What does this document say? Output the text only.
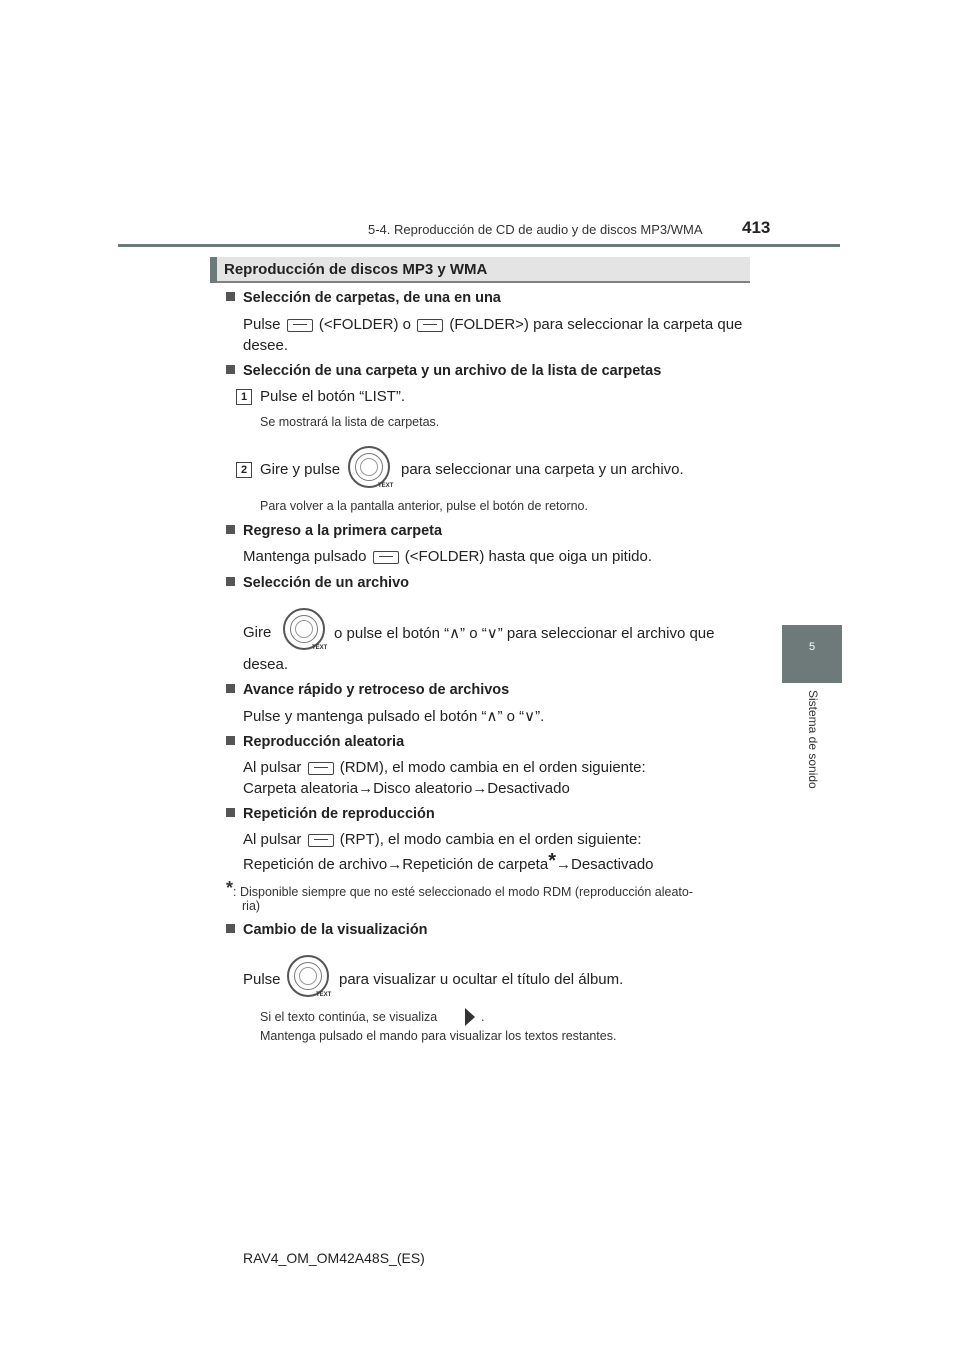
5-4. Reproducción de CD de audio y de discos MP3/WMA 413
5
Sistema de sonido
Reproducción de discos MP3 y WMA
Selección de carpetas, de una en una
Pulse	(<FOLDER) o	(FOLDER>) para seleccionar la carpeta que
desee.
Selección de una carpeta y un archivo de la lista de carpetas
1 Pulse el botón “LIST”.
Se mostrará la lista de carpetas.
2 Gire y pulse
TEXT
para seleccionar una carpeta y un archivo.
Para volver a la pantalla anterior, pulse el botón de retorno.
Regreso a la primera carpeta
Mantenga pulsado	(<FOLDER) hasta que oiga un pitido.
Selección de un archivo
Gire
TEXT
o pulse el botón “∧” o “∨” para seleccionar el archivo que
desea.
Avance rápido y retroceso de archivos
Pulse y mantenga pulsado el botón “∧” o “∨”.
Reproducción aleatoria
Al pulsar	(RDM), el modo cambia en el orden siguiente:
Carpeta aleatoria→Disco aleatorio→Desactivado
Repetición de reproducción
Al pulsar	(RPT), el modo cambia en el orden siguiente:
Repetición de archivo→Repetición de carpeta*→Desactivado
*: Disponible siempre que no esté seleccionado el modo RDM (reproducción aleato-
ria)
Cambio de la visualización
Pulse
TEXT
para visualizar u ocultar el título del álbum.
Si el texto continúa, se visualiza	.
Mantenga pulsado el mando para visualizar los textos restantes.
RAV4_OM_OM42A48S_(ES)
